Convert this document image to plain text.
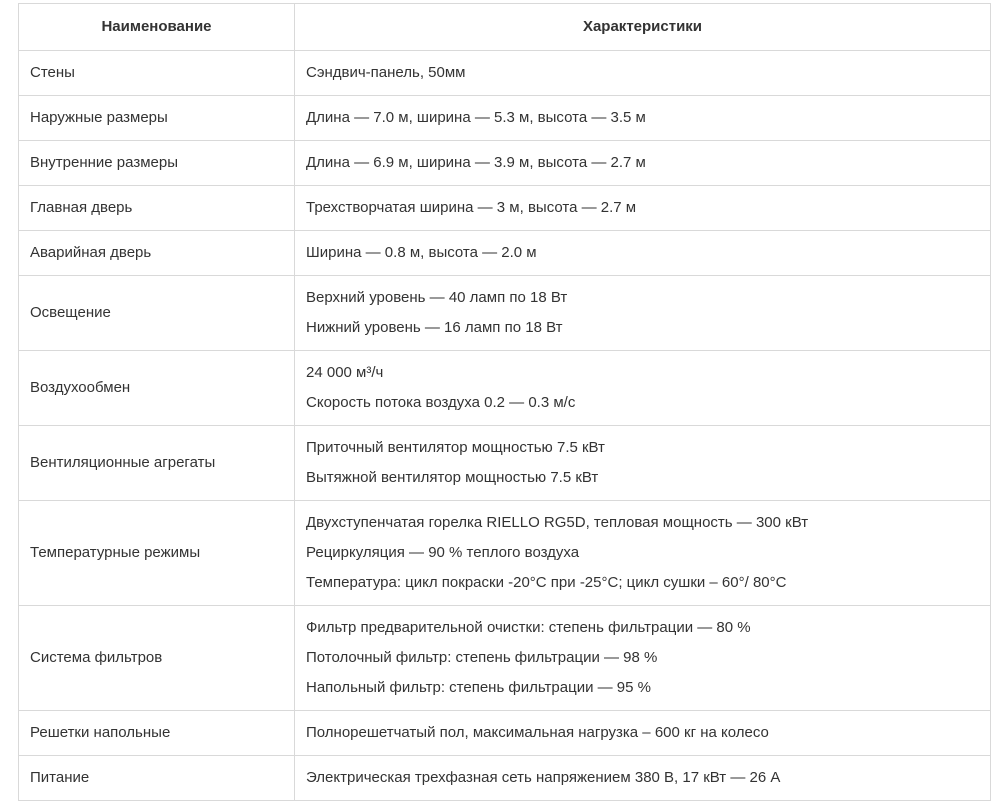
Наименование	Характеристики
Стены	Сэндвич-панель, 50мм

Наружные размеры	Длина — 7.0 м, ширина — 5.3 м, высота — 3.5 м

Внутренние размеры	Длина — 6.9 м, ширина — 3.9 м, высота — 2.7 м

Главная дверь	Трехстворчатая ширина — 3 м, высота — 2.7 м

Аварийная дверь	Ширина — 0.8 м, высота — 2.0 м

Освещение	Верхний уровень — 40 ламп по 18 Вт

Нижний уровень — 16 ламп по 18 Вт

Воздухообмен	24 000 м³/ч

Скорость потока воздуха 0.2 — 0.3 м/с

Вентиляционные агрегаты	Приточный вентилятор мощностью 7.5 кВт

Вытяжной вентилятор мощностью 7.5 кВт

Температурные режимы	Двухступенчатая горелка RIELLO RG5D, тепловая мощность — 300 кВт

Рециркуляция — 90 % теплого воздуха

Температура: цикл покраски -20°C при -25°C; цикл сушки – 60°/ 80°C

Система фильтров	Фильтр предварительной очистки: степень фильтрации — 80 %

Потолочный фильтр: степень фильтрации — 98 %

Напольный фильтр: степень фильтрации — 95 %

Решетки напольные	Полнорешетчатый пол, максимальная нагрузка – 600 кг на колесо

Питание	Электрическая трехфазная сеть напряжением 380 В, 17 кВт — 26 А
